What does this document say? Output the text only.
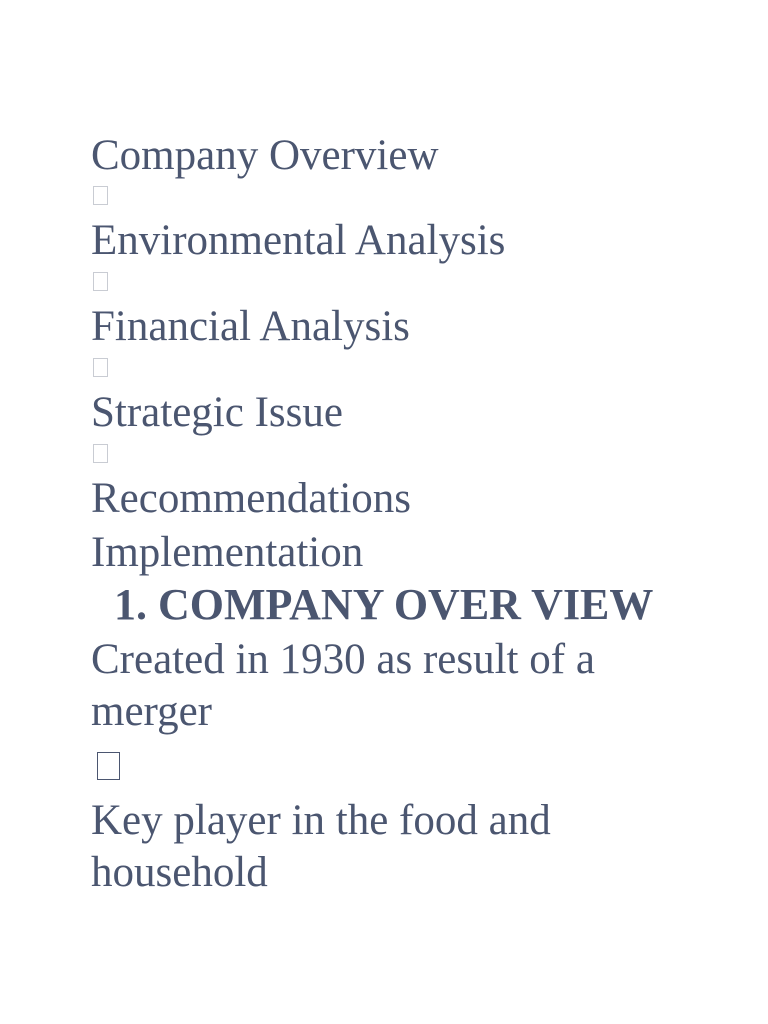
Company Overview
Environmental Analysis
Financial Analysis
Strategic Issue
Recommendations
Implementation
1. COMPANY OVER VIEW
Created in 1930 as result of a
merger
Key player in the food and
household
